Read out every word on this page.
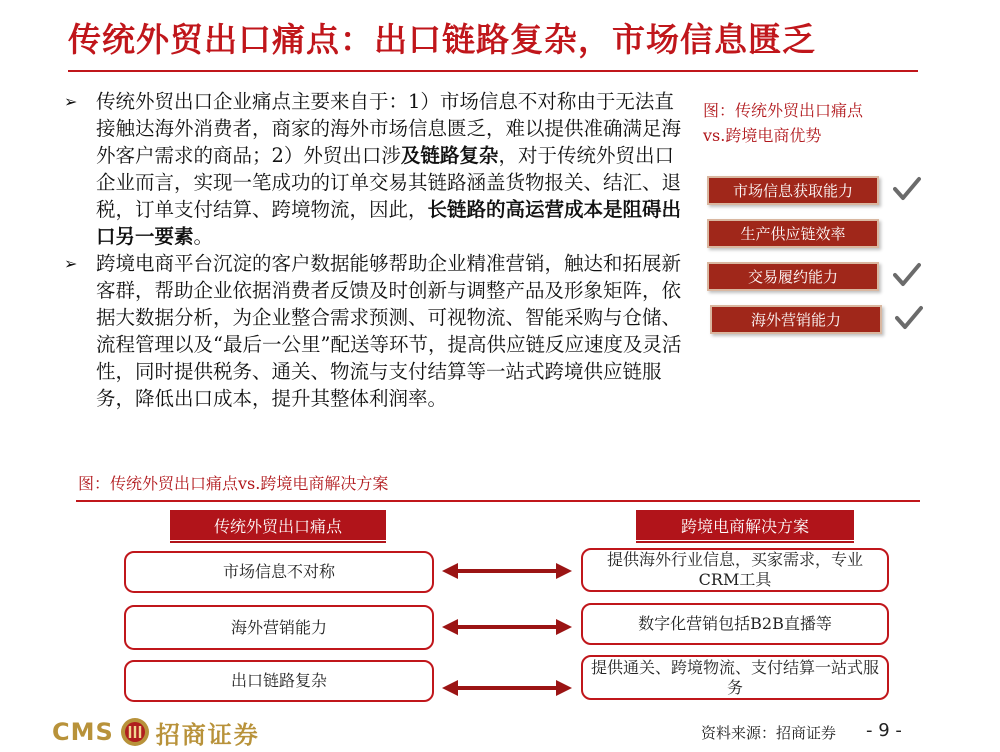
传统外贸出口痛点：出口链路复杂，市场信息匮乏
➢ 传统外贸出口企业痛点主要来自于：1）市场信息不对称由于无法直接触达海外消费者，商家的海外市场信息匮乏，难以提供准确满足海外客户需求的商品；2）外贸出口涉及链路复杂，对于传统外贸出口企业而言，实现一笔成功的订单交易其链路涵盖货物报关、结汇、退税，订单支付结算、跨境物流，因此，长链路的高运营成本是阻碍出口另一要素。
➢ 跨境电商平台沉淀的客户数据能够帮助企业精准营销，触达和拓展新客群，帮助企业依据消费者反馈及时创新与调整产品及形象矩阵，依据大数据分析，为企业整合需求预测、可视物流、智能采购与仓储、流程管理以及“最后一公里”配送等环节，提高供应链反应速度及灵活性，同时提供税务、通关、物流与支付结算等一站式跨境供应链服务，降低出口成本，提升其整体利润率。
图：传统外贸出口痛点
vs.跨境电商优势
市场信息获取能力
生产供应链效率
交易履约能力
海外营销能力
图：传统外贸出口痛点vs.跨境电商解决方案
传统外贸出口痛点	跨境电商解决方案
市场信息不对称
海外营销能力
出口链路复杂
提供海外行业信息，买家需求，专业CRM工具
数字化营销包括B2B直播等
提供通关、跨境物流、支付结算一站式服务
CMS 招商证券	资料来源：招商证券 - 9 -
